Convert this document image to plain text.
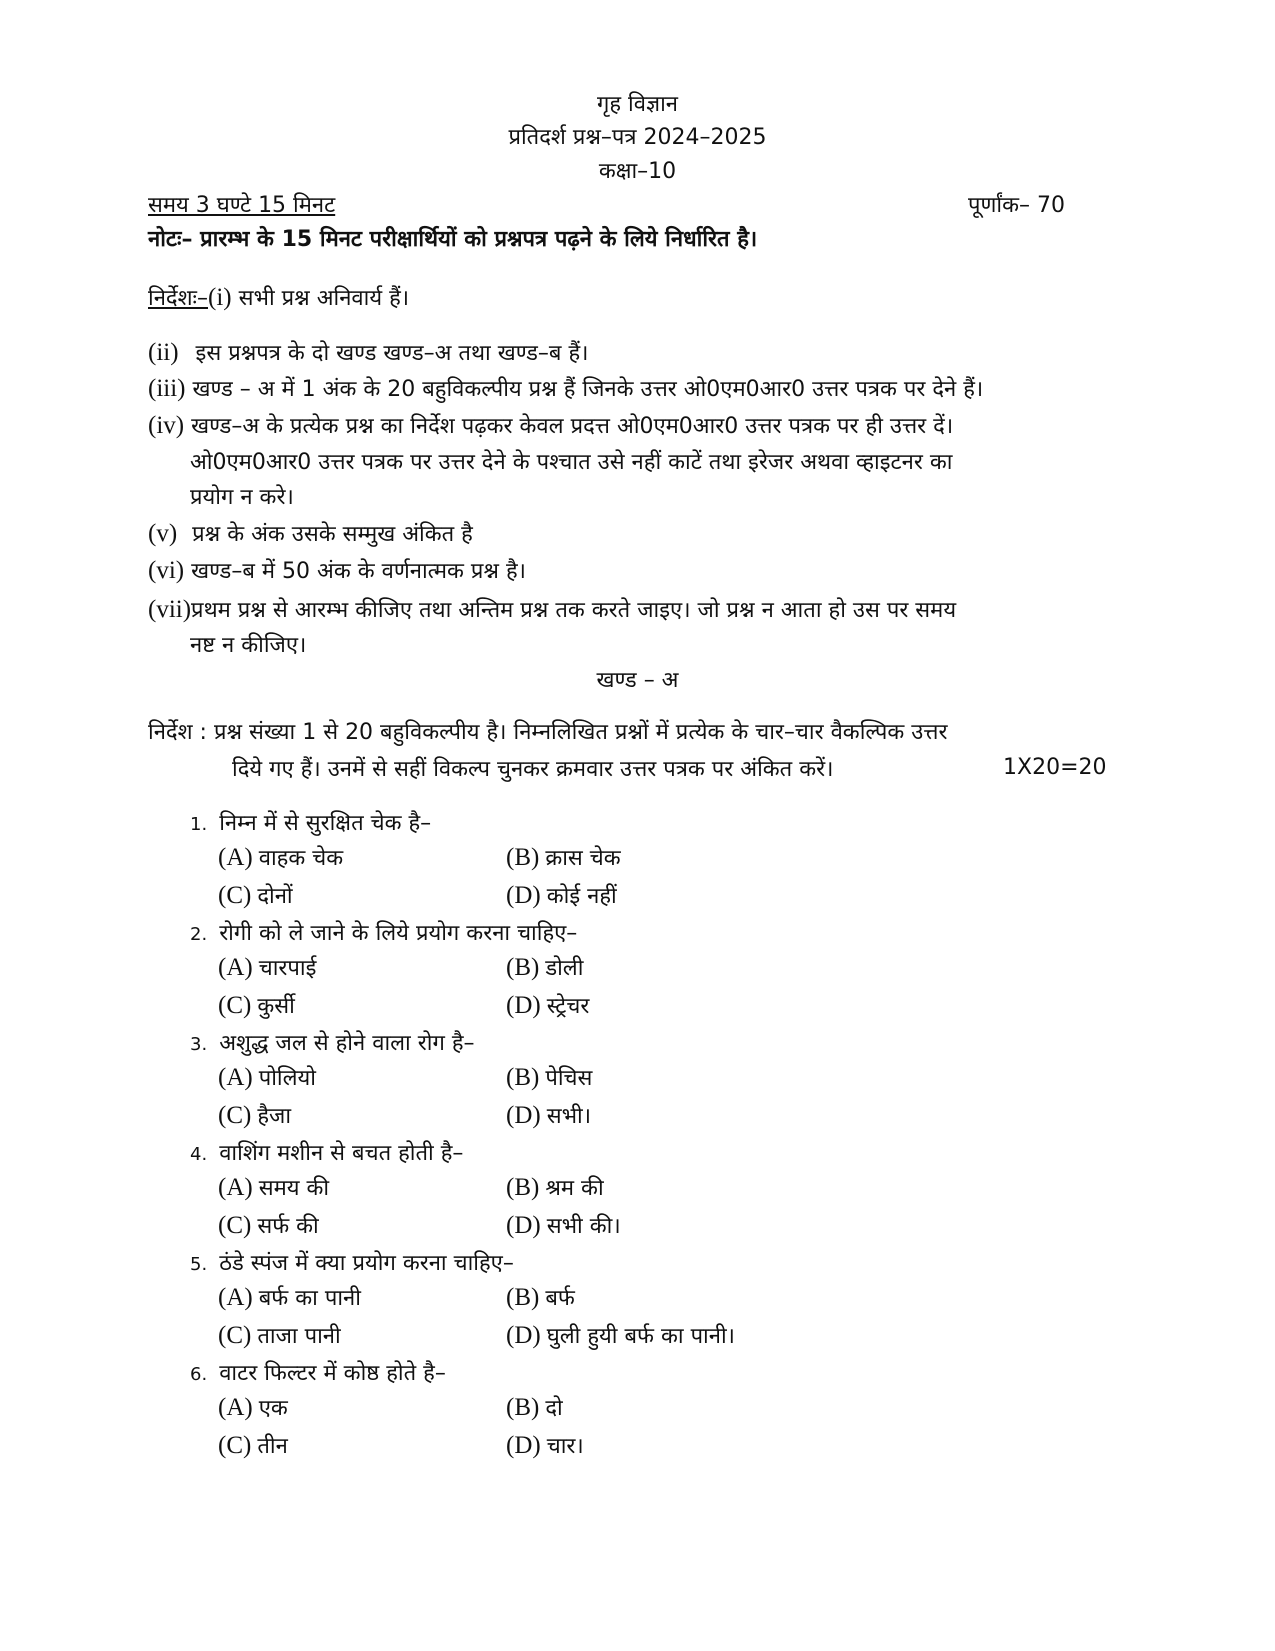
गृह विज्ञान
प्रतिदर्श प्रश्न–पत्र 2024–2025
कक्षा–10
समय 3 घण्टे 15 मिनट	पूर्णांक– 70
नोटः– प्रारम्भ के 15 मिनट परीक्षार्थियों को प्रश्नपत्र पढ़ने के लिये निर्धारित है।
निर्देशः–(i) सभी प्रश्न अनिवार्य हैं।
(ii) इस प्रश्नपत्र के दो खण्ड खण्ड–अ तथा खण्ड–ब हैं।
(iii) खण्ड – अ में 1 अंक के 20 बहुविकल्पीय प्रश्न हैं जिनके उत्तर ओ0एम0आर0 उत्तर पत्रक पर देने हैं।
(iv) खण्ड–अ के प्रत्येक प्रश्न का निर्देश पढ़कर केवल प्रदत्त ओ0एम0आर0 उत्तर पत्रक पर ही उत्तर दें।
ओ0एम0आर0 उत्तर पत्रक पर उत्तर देने के पश्चात उसे नहीं काटें तथा इरेजर अथवा व्हाइटनर का
प्रयोग न करे।
(v) प्रश्न के अंक उसके सम्मुख अंकित है
(vi) खण्ड–ब में 50 अंक के वर्णनात्मक प्रश्न है।
(vii)प्रथम प्रश्न से आरम्भ कीजिए तथा अन्तिम प्रश्न तक करते जाइए। जो प्रश्न न आता हो उस पर समय
नष्ट न कीजिए।
खण्ड – अ
निर्देश : प्रश्न संख्या 1 से 20 बहुविकल्पीय है। निम्नलिखित प्रश्नों में प्रत्येक के चार–चार वैकल्पिक उत्तर
दिये गए हैं। उनमें से सहीं विकल्प चुनकर क्रमवार उत्तर पत्रक पर अंकित करें।	1X20=20
1. निम्न में से सुरक्षित चेक है–
(A) वाहक चेक	(B) क्रास चेक
(C) दोनों	(D) कोई नहीं
2. रोगी को ले जाने के लिये प्रयोग करना चाहिए–
(A) चारपाई	(B) डोली
(C) कुर्सी	(D) स्ट्रेचर
3. अशुद्ध जल से होने वाला रोग है–
(A) पोलियो	(B) पेचिस
(C) हैजा	(D) सभी।
4. वाशिंग मशीन से बचत होती है–
(A) समय की	(B) श्रम की
(C) सर्फ की	(D) सभी की।
5. ठंडे स्पंज में क्या प्रयोग करना चाहिए–
(A) बर्फ का पानी	(B) बर्फ
(C) ताजा पानी	(D) घुली हुयी बर्फ का पानी।
6. वाटर फिल्टर में कोष्ठ होते है–
(A) एक	(B) दो
(C) तीन	(D) चार।
